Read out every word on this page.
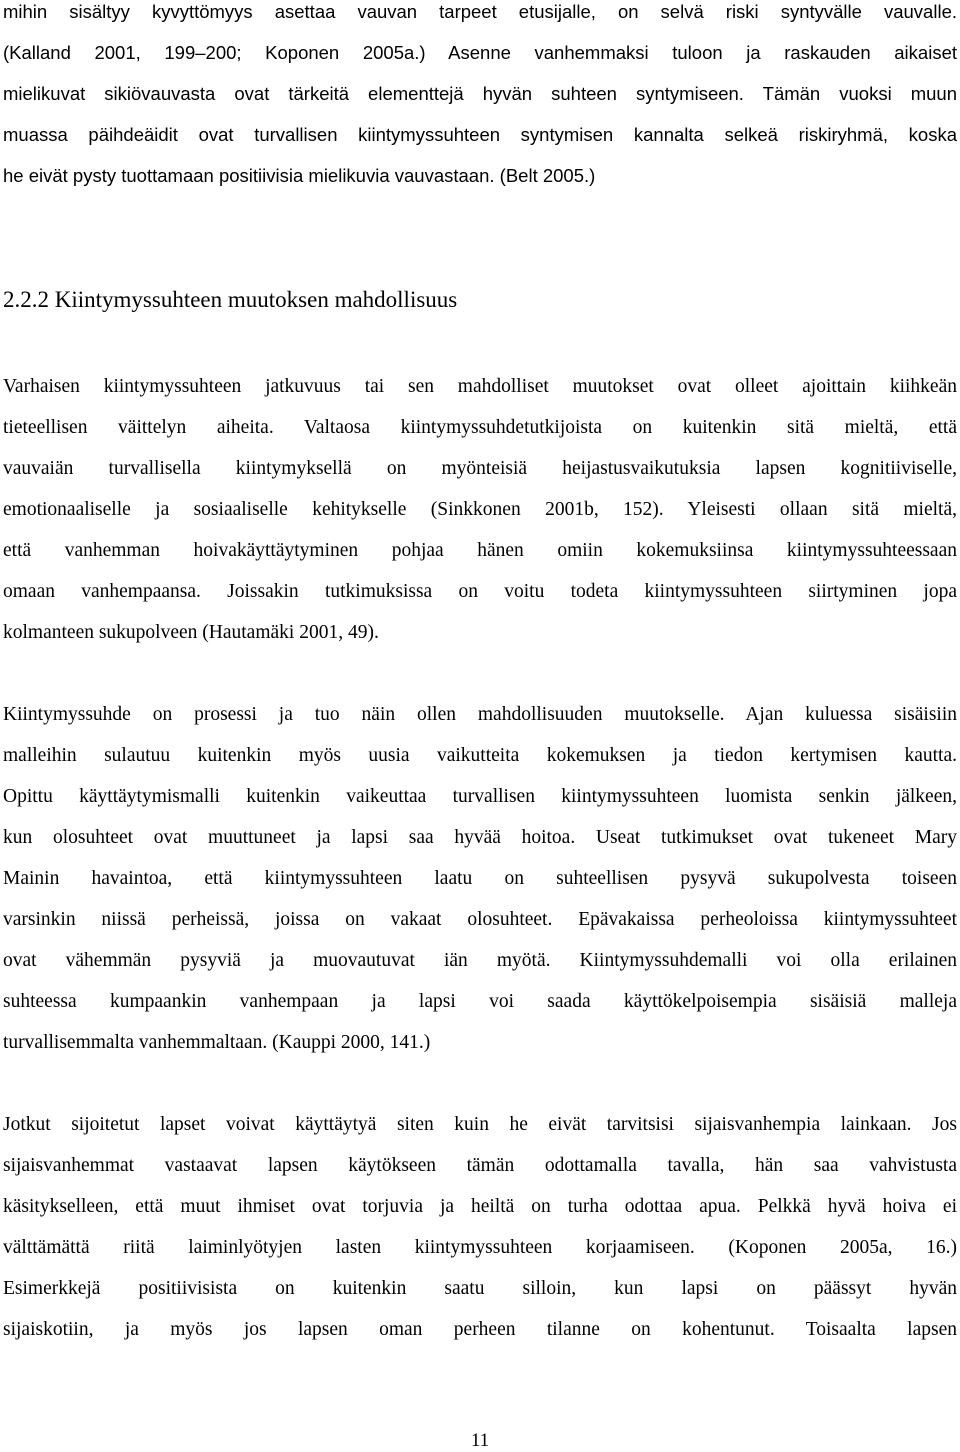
mihin sisältyy kyvyttömyys asettaa vauvan tarpeet etusijalle, on selvä riski syntyvälle vauvalle.
(Kalland 2001, 199–200; Koponen 2005a.) Asenne vanhemmaksi tuloon ja raskauden aikaiset
mielikuvat sikiövauvasta ovat tärkeitä elementtejä hyvän suhteen syntymiseen. Tämän vuoksi muun
muassa päihdeäidit ovat turvallisen kiintymyssuhteen syntymisen kannalta selkeä riskiryhmä, koska
he eivät pysty tuottamaan positiivisia mielikuvia vauvastaan. (Belt 2005.)
2.2.2 Kiintymyssuhteen muutoksen mahdollisuus
Varhaisen kiintymyssuhteen jatkuvuus tai sen mahdolliset muutokset ovat olleet ajoittain kiihkeän
tieteellisen väittelyn aiheita. Valtaosa kiintymyssuhdetutkijoista on kuitenkin sitä mieltä, että
vauvaiän turvallisella kiintymyksellä on myönteisiä heijastusvaikutuksia lapsen kognitiiviselle,
emotionaaliselle ja sosiaaliselle kehitykselle (Sinkkonen 2001b, 152). Yleisesti ollaan sitä mieltä,
että vanhemman hoivakäyttäytyminen pohjaa hänen omiin kokemuksiinsa kiintymyssuhteessaan
omaan vanhempaansa. Joissakin tutkimuksissa on voitu todeta kiintymyssuhteen siirtyminen jopa
kolmanteen sukupolveen (Hautamäki 2001, 49).
Kiintymyssuhde on prosessi ja tuo näin ollen mahdollisuuden muutokselle. Ajan kuluessa sisäisiin
malleihin sulautuu kuitenkin myös uusia vaikutteita kokemuksen ja tiedon kertymisen kautta.
Opittu käyttäytymismalli kuitenkin vaikeuttaa turvallisen kiintymyssuhteen luomista senkin jälkeen,
kun olosuhteet ovat muuttuneet ja lapsi saa hyvää hoitoa. Useat tutkimukset ovat tukeneet Mary
Mainin havaintoa, että kiintymyssuhteen laatu on suhteellisen pysyvä sukupolvesta toiseen
varsinkin niissä perheissä, joissa on vakaat olosuhteet. Epävakaissa perheoloissa kiintymyssuhteet
ovat vähemmän pysyviä ja muovautuvat iän myötä. Kiintymyssuhdemalli voi olla erilainen
suhteessa kumpaankin vanhempaan ja lapsi voi saada käyttökelpoisempia sisäisiä malleja
turvallisemmalta vanhemmaltaan. (Kauppi 2000, 141.)
Jotkut sijoitetut lapset voivat käyttäytyä siten kuin he eivät tarvitsisi sijaisvanhempia lainkaan. Jos
sijaisvanhemmat vastaavat lapsen käytökseen tämän odottamalla tavalla, hän saa vahvistusta
käsitykselleen, että muut ihmiset ovat torjuvia ja heiltä on turha odottaa apua. Pelkkä hyvä hoiva ei
välttämättä riitä laiminlyötyjen lasten kiintymyssuhteen korjaamiseen. (Koponen 2005a, 16.)
Esimerkkejä positiivisista on kuitenkin saatu silloin, kun lapsi on päässyt hyvän
sijaiskotiin, ja myös jos lapsen oman perheen tilanne on kohentunut. Toisaalta lapsen
11
